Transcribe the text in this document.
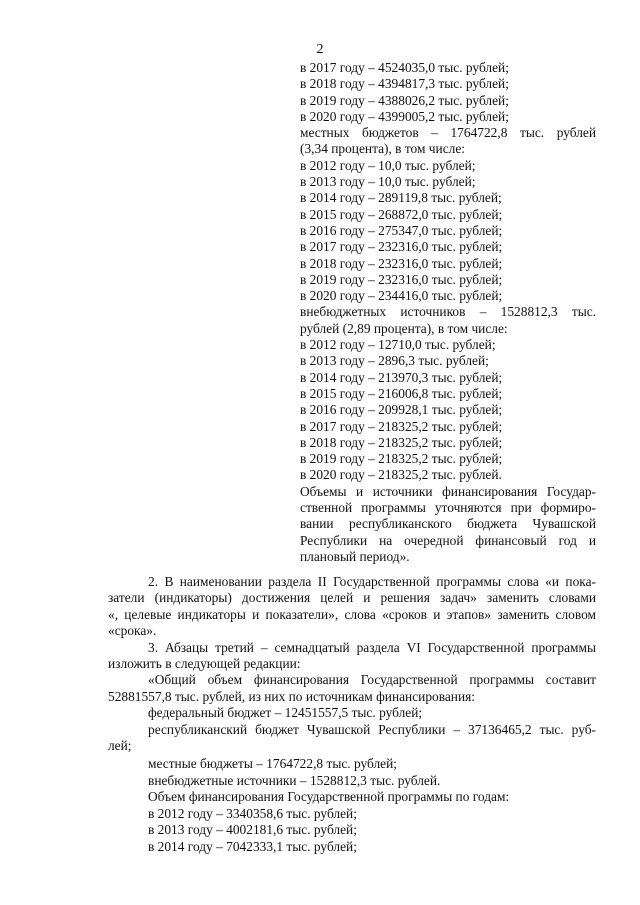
2
в 2017 году – 4524035,0 тыс. рублей;
в 2018 году – 4394817,3 тыс. рублей;
в 2019 году – 4388026,2 тыс. рублей;
в 2020 году – 4399005,2 тыс. рублей;
местных бюджетов – 1764722,8 тыс. рублей
(3,34 процента), в том числе:
в 2012 году – 10,0 тыс. рублей;
в 2013 году – 10,0 тыс. рублей;
в 2014 году – 289119,8 тыс. рублей;
в 2015 году – 268872,0 тыс. рублей;
в 2016 году – 275347,0 тыс. рублей;
в 2017 году – 232316,0 тыс. рублей;
в 2018 году – 232316,0 тыс. рублей;
в 2019 году – 232316,0 тыс. рублей;
в 2020 году – 234416,0 тыс. рублей;
внебюджетных источников – 1528812,3 тыс.
рублей (2,89 процента), в том числе:
в 2012 году – 12710,0 тыс. рублей;
в 2013 году – 2896,3 тыс. рублей;
в 2014 году – 213970,3 тыс. рублей;
в 2015 году – 216006,8 тыс. рублей;
в 2016 году – 209928,1 тыс. рублей;
в 2017 году – 218325,2 тыс. рублей;
в 2018 году – 218325,2 тыс. рублей;
в 2019 году – 218325,2 тыс. рублей;
в 2020 году – 218325,2 тыс. рублей.
Объемы и источники финансирования Государ-
ственной программы уточняются при формиро-
вании республиканского бюджета Чувашской
Республики на очередной финансовый год и
плановый период».
2. В наименовании раздела II Государственной программы слова «и пока-
затели (индикаторы) достижения целей и решения задач» заменить словами
«, целевые индикаторы и показатели», слова «сроков и этапов» заменить словом
«срока».
3. Абзацы третий – семнадцатый раздела VI Государственной программы
изложить в следующей редакции:
«Общий объем финансирования Государственной программы составит
52881557,8 тыс. рублей, из них по источникам финансирования:
федеральный бюджет – 12451557,5 тыс. рублей;
республиканский бюджет Чувашской Республики – 37136465,2 тыс. руб-
лей;
местные бюджеты – 1764722,8 тыс. рублей;
внебюджетные источники – 1528812,3 тыс. рублей.
Объем финансирования Государственной программы по годам:
в 2012 году – 3340358,6 тыс. рублей;
в 2013 году – 4002181,6 тыс. рублей;
в 2014 году – 7042333,1 тыс. рублей;
